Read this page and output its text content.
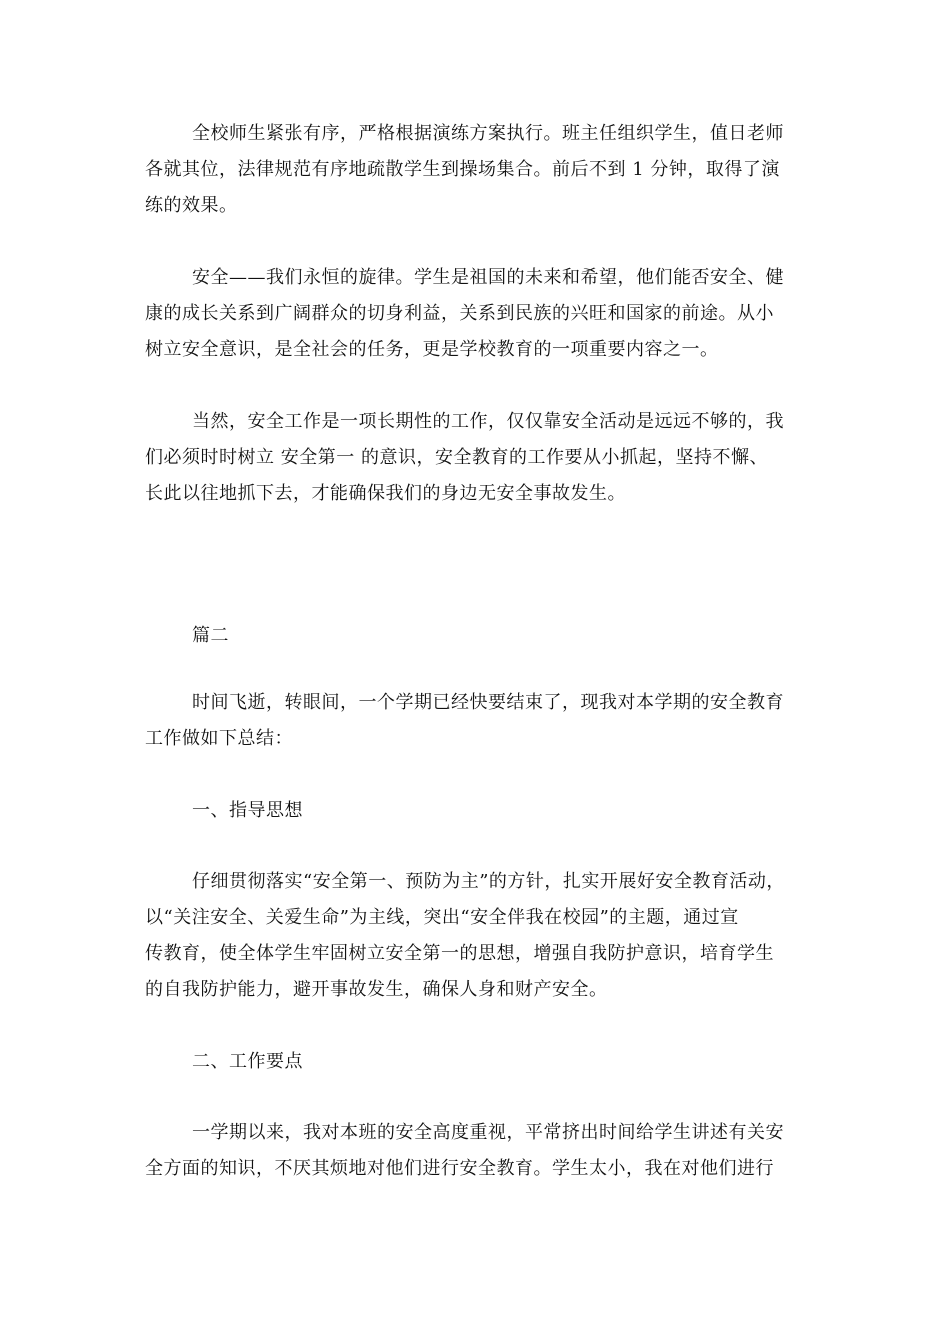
全校师生紧张有序，严格根据演练方案执行。班主任组织学生，值日老师
各就其位，法律规范有序地疏散学生到操场集合。前后不到 1 分钟，取得了演
练的效果。
安全——我们永恒的旋律。学生是祖国的未来和希望，他们能否安全、健
康的成长关系到广阔群众的切身利益，关系到民族的兴旺和国家的前途。从小
树立安全意识，是全社会的任务，更是学校教育的一项重要内容之一。
当然，安全工作是一项长期性的工作，仅仅靠安全活动是远远不够的，我
们必须时时树立 安全第一 的意识，安全教育的工作要从小抓起，坚持不懈、
长此以往地抓下去，才能确保我们的身边无安全事故发生。
篇二
时间飞逝，转眼间，一个学期已经快要结束了，现我对本学期的安全教育
工作做如下总结：
一、指导思想
仔细贯彻落实“安全第一、预防为主”的方针，扎实开展好安全教育活动，
以“关注安全、关爱生命”为主线，突出“安全伴我在校园”的主题，通过宣
传教育，使全体学生牢固树立安全第一的思想，增强自我防护意识，培育学生
的自我防护能力，避开事故发生，确保人身和财产安全。
二、工作要点
一学期以来，我对本班的安全高度重视，平常挤出时间给学生讲述有关安
全方面的知识，不厌其烦地对他们进行安全教育。学生太小，我在对他们进行
